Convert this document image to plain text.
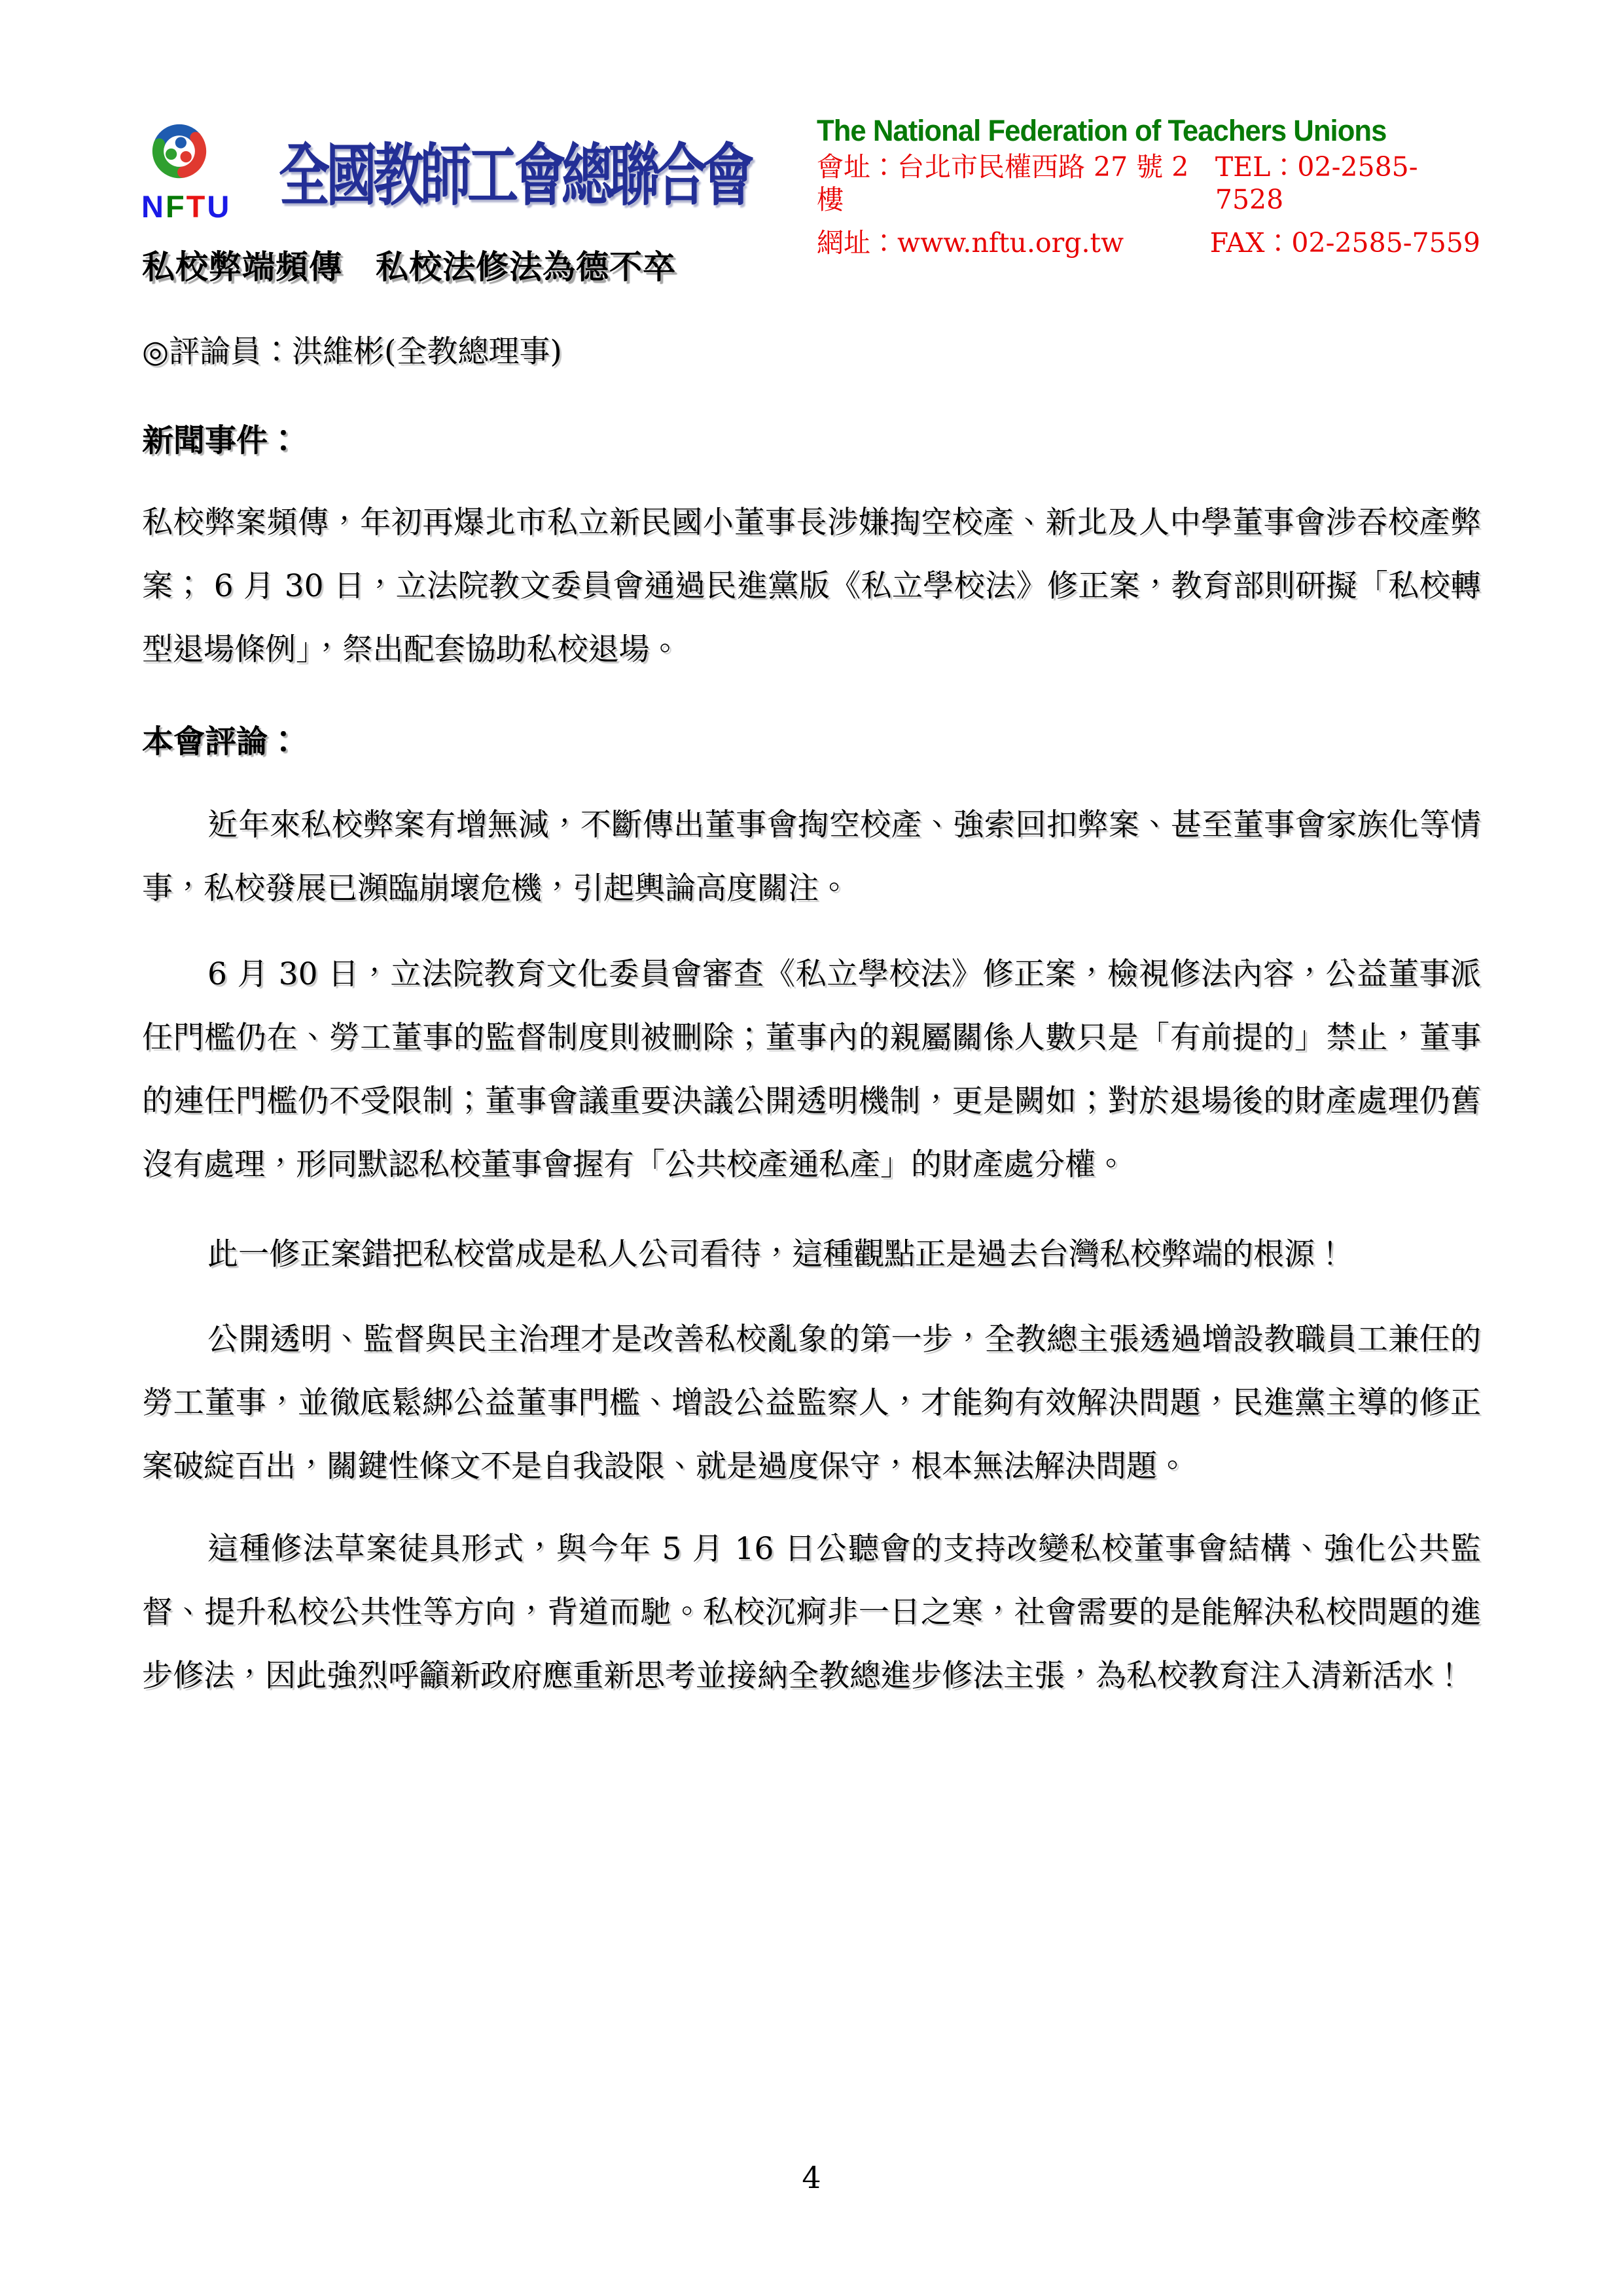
NFTU 全國教師工會總聯合會
The National Federation of Teachers Unions
會址：台北市民權西路 27 號 2 樓
TEL：02-2585-7528
網址：www.nftu.org.tw	FAX：02-2585-7559
私校弊端頻傳　私校法修法為德不卒

◎評論員：洪維彬(全教總理事)

新聞事件：

私校弊案頻傳，年初再爆北市私立新民國小董事長涉嫌掏空校產、新北及人中學董事會涉吞校產弊案； 6 月 30 日，立法院教文委員會通過民進黨版《私立學校法》修正案，教育部則研擬「私校轉型退場條例」，祭出配套協助私校退場。

本會評論：

近年來私校弊案有增無減，不斷傳出董事會掏空校產、強索回扣弊案、甚至董事會家族化等情事，私校發展已瀕臨崩壞危機，引起輿論高度關注。

6 月 30 日，立法院教育文化委員會審查《私立學校法》修正案，檢視修法內容，公益董事派任門檻仍在、勞工董事的監督制度則被刪除；董事內的親屬關係人數只是「有前提的」禁止，董事的連任門檻仍不受限制；董事會議重要決議公開透明機制，更是闕如；對於退場後的財產處理仍舊沒有處理，形同默認私校董事會握有「公共校產通私產」的財產處分權。

此一修正案錯把私校當成是私人公司看待，這種觀點正是過去台灣私校弊端的根源！

公開透明、監督與民主治理才是改善私校亂象的第一步，全教總主張透過增設教職員工兼任的勞工董事，並徹底鬆綁公益董事門檻、增設公益監察人，才能夠有效解決問題，民進黨主導的修正案破綻百出，關鍵性條文不是自我設限、就是過度保守，根本無法解決問題。

這種修法草案徒具形式，與今年 5 月 16 日公聽會的支持改變私校董事會結構、強化公共監督、提升私校公共性等方向，背道而馳。私校沉痾非一日之寒，社會需要的是能解決私校問題的進步修法，因此強烈呼籲新政府應重新思考並接納全教總進步修法主張，為私校教育注入清新活水！

4
